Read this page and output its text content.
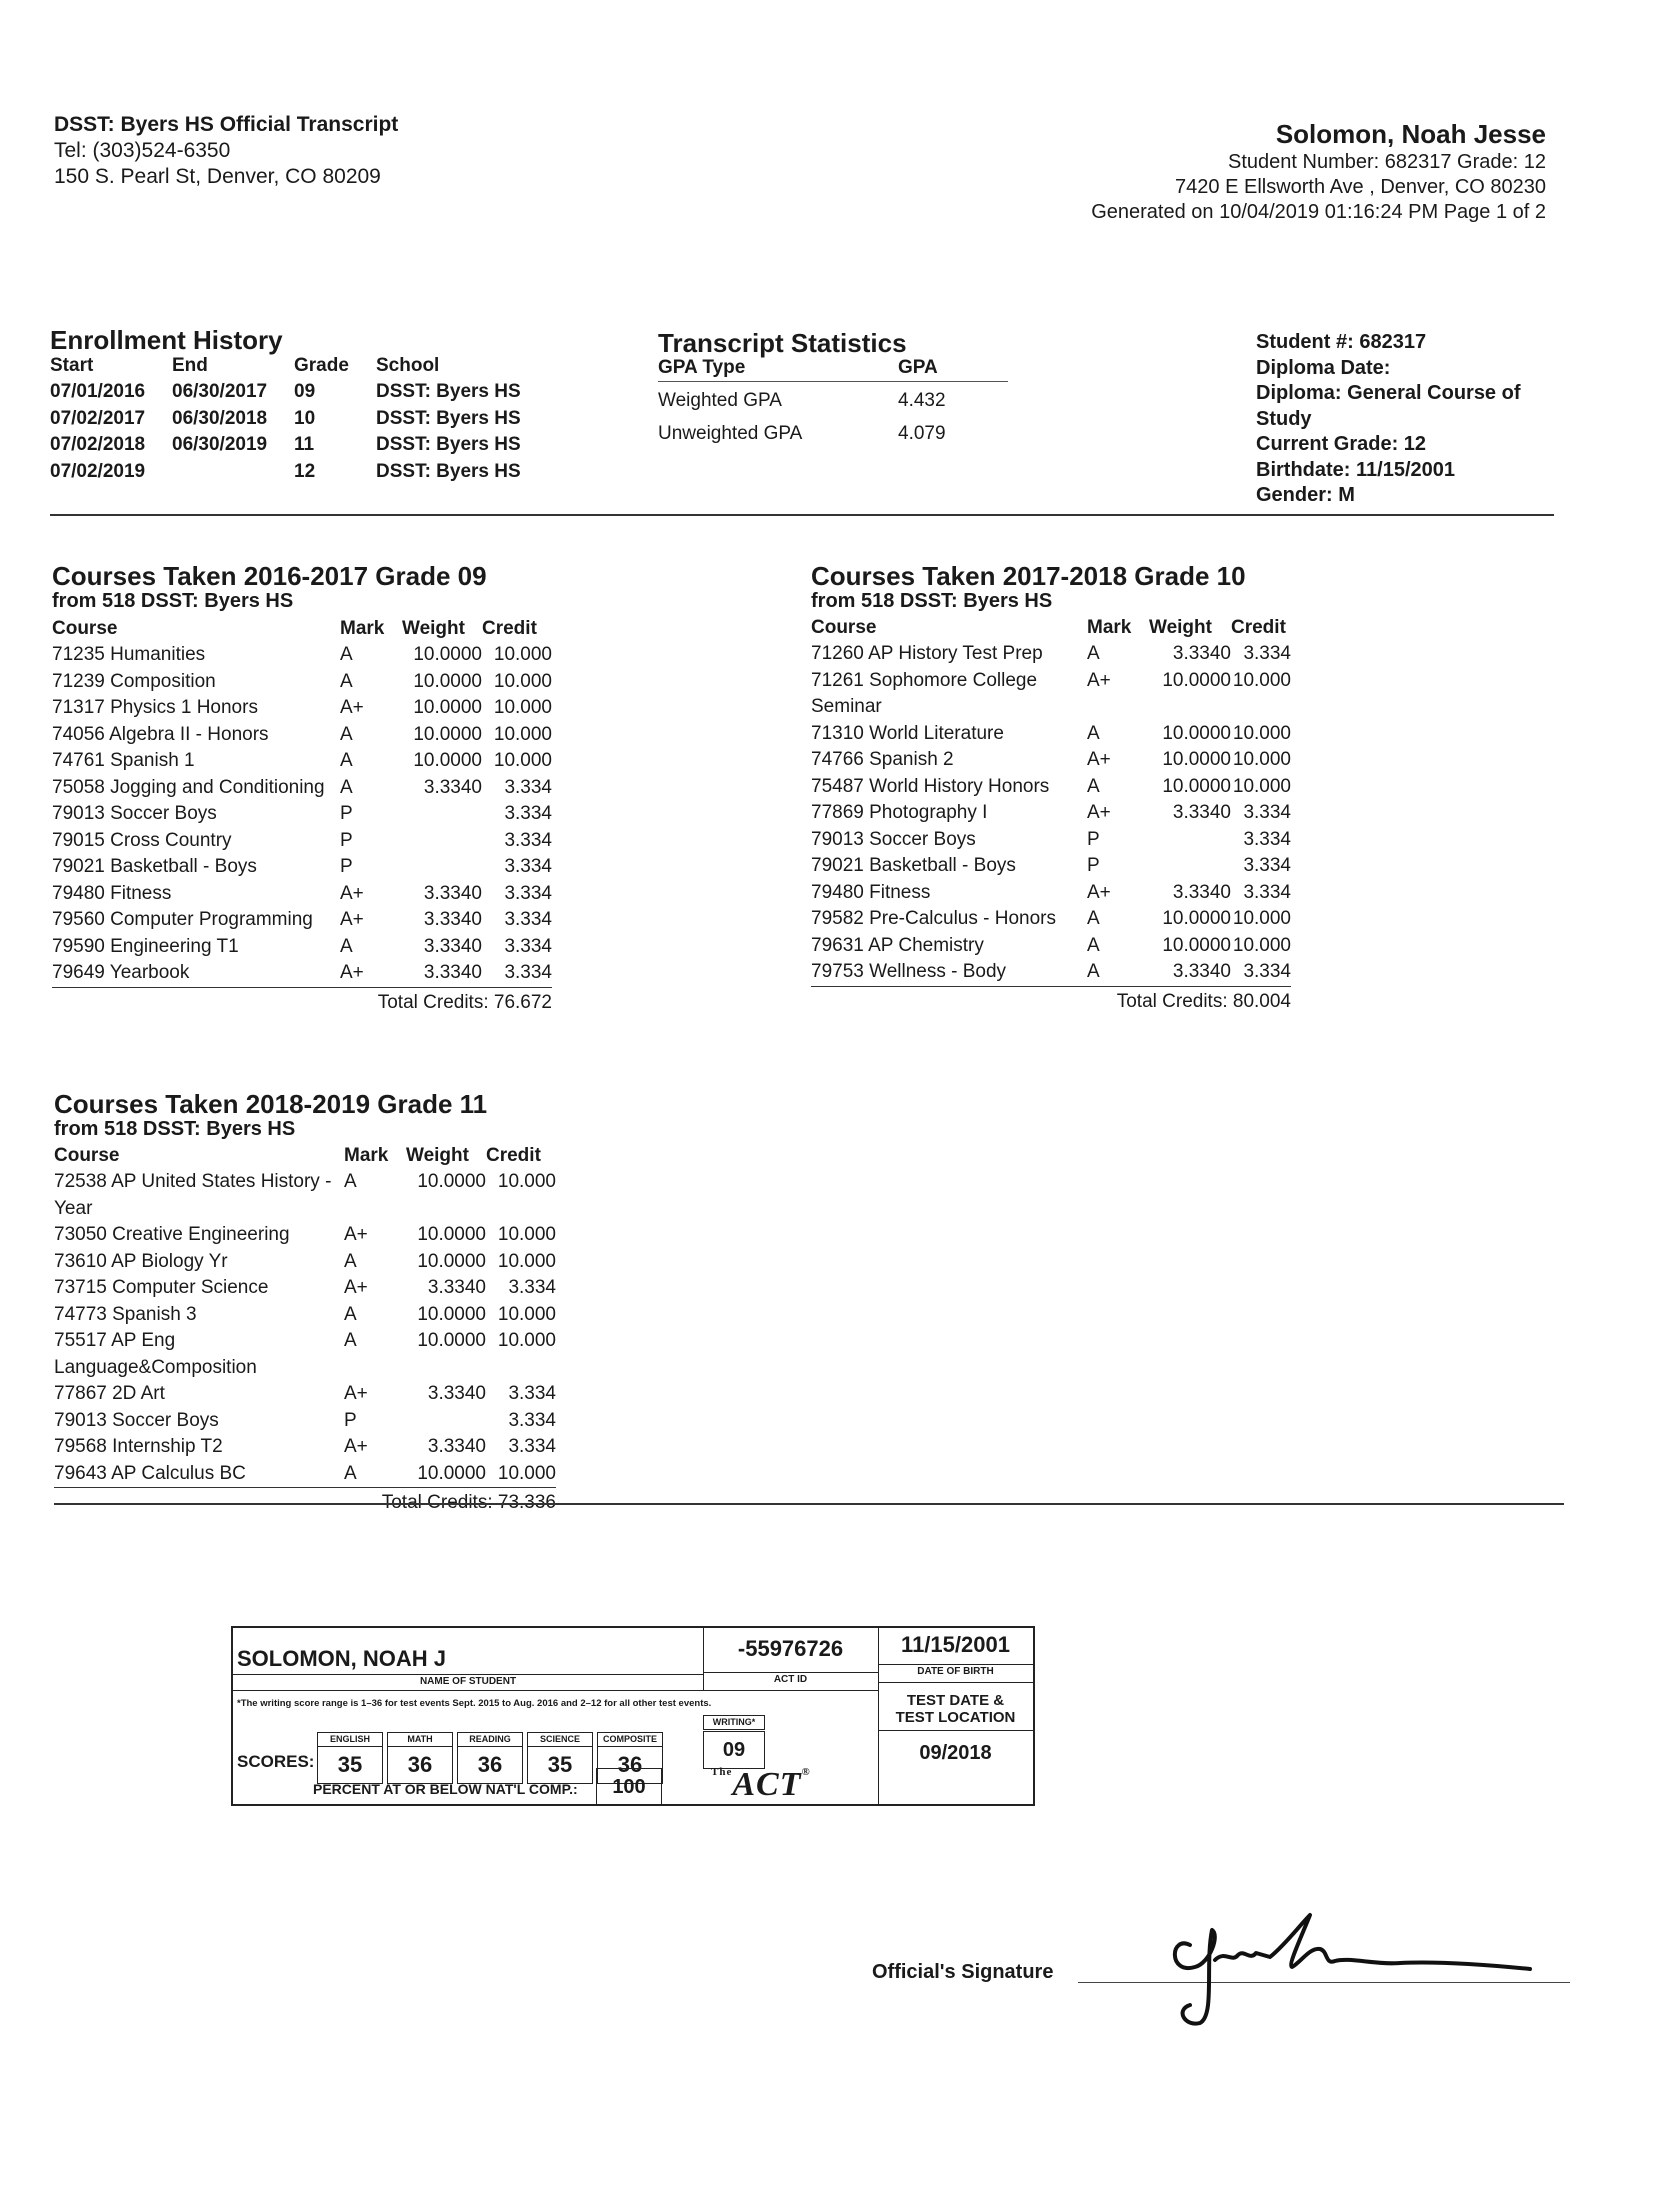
DSST: Byers HS Official Transcript
Tel: (303)524-6350
150 S. Pearl St, Denver, CO 80209
Solomon, Noah Jesse
Student Number: 682317 Grade: 12
7420 E Ellsworth Ave , Denver, CO 80230
Generated on 10/04/2019 01:16:24 PM Page 1 of 2
Enrollment History
Start	End	Grade	School
07/01/2016	06/30/2017	09	DSST: Byers HS
07/02/2017	06/30/2018	10	DSST: Byers HS
07/02/2018	06/30/2019	11	DSST: Byers HS
07/02/2019		12	DSST: Byers HS
Transcript Statistics
GPA Type	GPA
Weighted GPA	4.432
Unweighted GPA	4.079
Student #: 682317
Diploma Date:
Diploma: General Course of
Study
Current Grade: 12
Birthdate: 11/15/2001
Gender: M
Courses Taken 2016-2017 Grade 09
from 518 DSST: Byers HS
Course	Mark	Weight	Credit
71235 Humanities	A	10.0000	10.000
71239 Composition	A	10.0000	10.000
71317 Physics 1 Honors	A+	10.0000	10.000
74056 Algebra II - Honors	A	10.0000	10.000
74761 Spanish 1	A	10.0000	10.000
75058 Jogging and Conditioning	A	3.3340	3.334
79013 Soccer Boys	P		3.334
79015 Cross Country	P		3.334
79021 Basketball - Boys	P		3.334
79480 Fitness	A+	3.3340	3.334
79560 Computer Programming	A+	3.3340	3.334
79590 Engineering T1	A	3.3340	3.334
79649 Yearbook	A+	3.3340	3.334
Total Credits: 76.672			
Courses Taken 2017-2018 Grade 10
from 518 DSST: Byers HS
Course	Mark	Weight	Credit
71260 AP History Test Prep	A	3.3340	3.334
71261 Sophomore College Seminar	A+	10.0000	10.000
71310 World Literature	A	10.0000	10.000
74766 Spanish 2	A+	10.0000	10.000
75487 World History Honors	A	10.0000	10.000
77869 Photography I	A+	3.3340	3.334
79013 Soccer Boys	P		3.334
79021 Basketball - Boys	P		3.334
79480 Fitness	A+	3.3340	3.334
79582 Pre-Calculus - Honors	A	10.0000	10.000
79631 AP Chemistry	A	10.0000	10.000
79753 Wellness - Body	A	3.3340	3.334
Total Credits: 80.004			
Courses Taken 2018-2019 Grade 11
from 518 DSST: Byers HS
Course	Mark	Weight	Credit
72538 AP United States History -Year	A	10.0000	10.000
73050 Creative Engineering	A+	10.0000	10.000
73610 AP Biology Yr	A	10.0000	10.000
73715 Computer Science	A+	3.3340	3.334
74773 Spanish 3	A	10.0000	10.000
75517 AP Eng Language&Composition	A	10.0000	10.000
77867 2D Art	A+	3.3340	3.334
79013 Soccer Boys	P		3.334
79568 Internship T2	A+	3.3340	3.334
79643 AP Calculus BC	A	10.0000	10.000
Total Credits: 73.336			
SOLOMON, NOAH J
NAME OF STUDENT
-55976726
ACT ID
11/15/2001
DATE OF BIRTH
TEST DATE &
TEST LOCATION
09/2018
*The writing score range is 1–36 for test events Sept. 2015 to Aug. 2016 and 2–12 for all other test events.
ENGLISH	MATH	READING	SCIENCE	COMPOSITE
35	36	36	35	36
SCORES:
WRITING*
09
PERCENT AT OR BELOW NAT'L COMP.:	100
$^{The}$ACT®
Official's Signature
